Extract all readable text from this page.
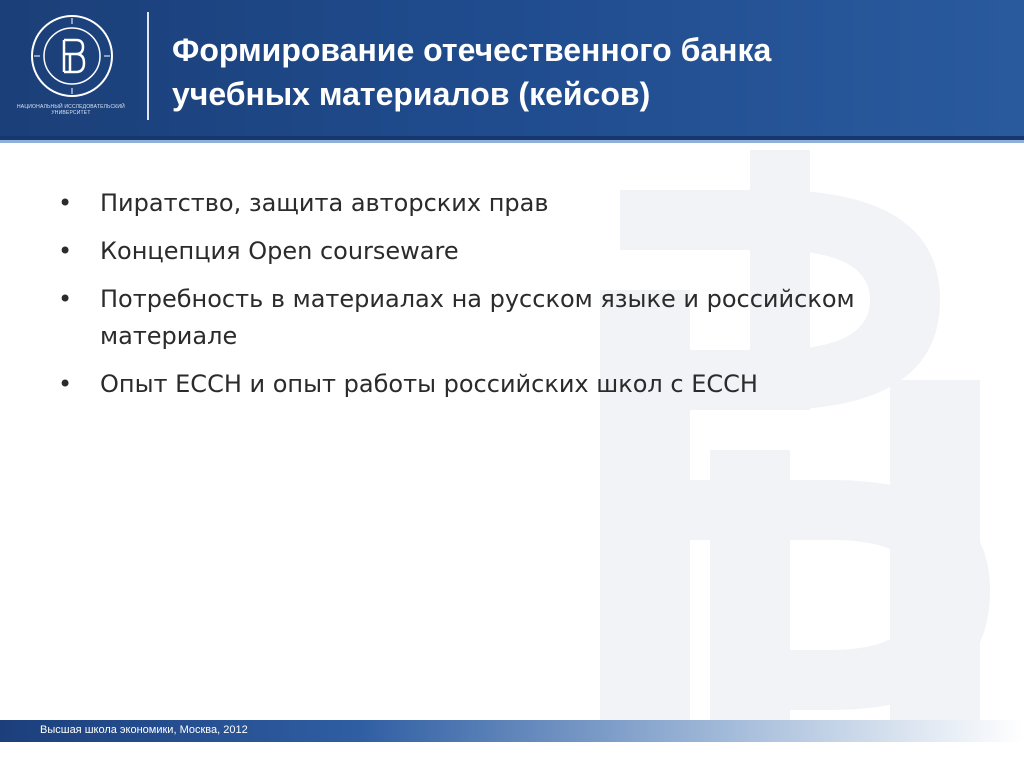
НАЦИОНАЛЬНЫЙ ИССЛЕДОВАТЕЛЬСКИЙ УНИВЕРСИТЕТ
Формирование отечественного банка
учебных материалов (кейсов)
• Пиратство, защита авторских прав
• Концепция Open courseware
• Потребность в материалах на русском языке и российском материале
• Опыт ECCH и опыт работы российских школ с ECCH
Высшая школа экономики, Москва, 2012
